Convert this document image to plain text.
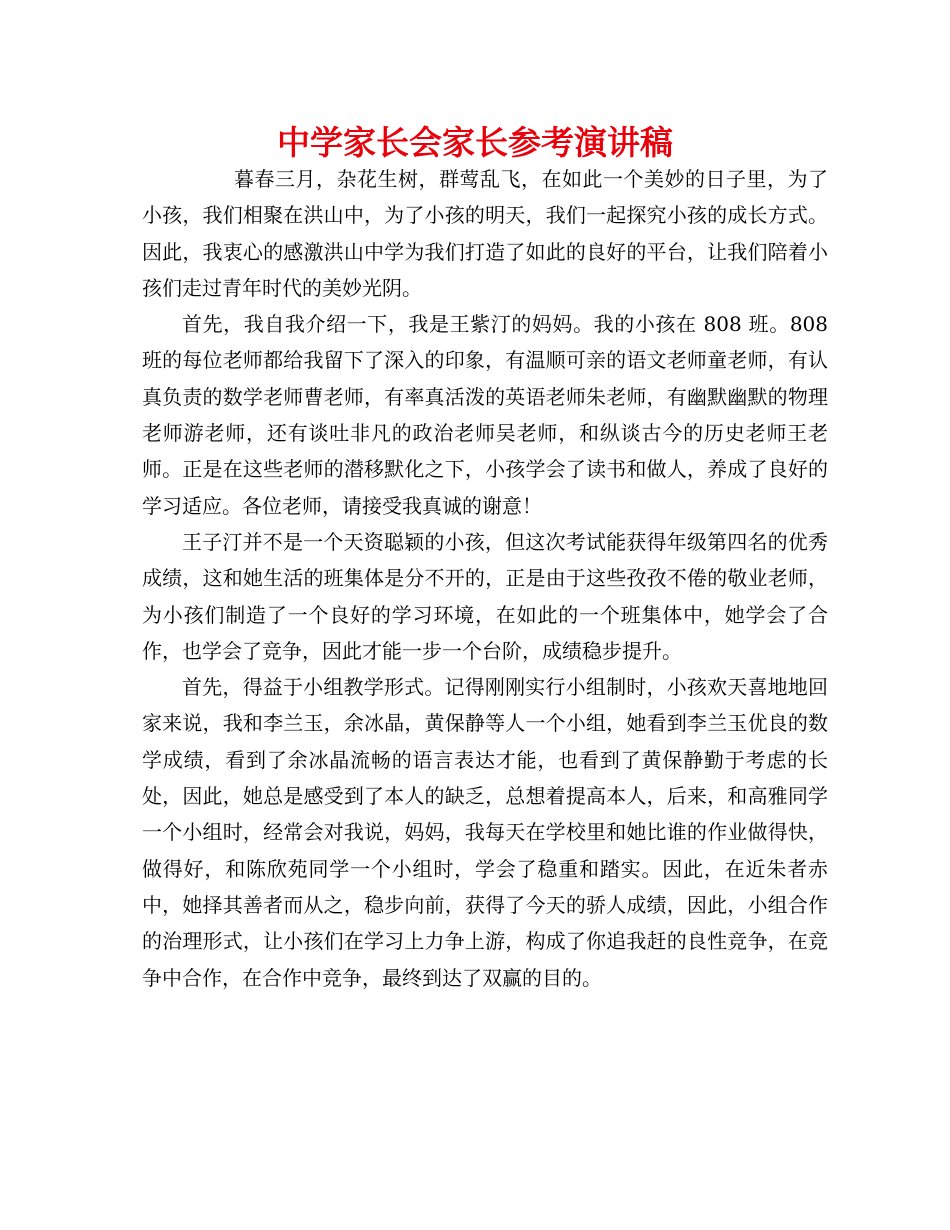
中学家长会家长参考演讲稿

暮春三月，杂花生树，群莺乱飞，在如此一个美妙的日子里，为了小孩，我们相聚在洪山中，为了小孩的明天，我们一起探究小孩的成长方式。因此，我衷心的感激洪山中学为我们打造了如此的良好的平台，让我们陪着小孩们走过青年时代的美妙光阴。

首先，我自我介绍一下，我是王紫汀的妈妈。我的小孩在 808 班。808 班的每位老师都给我留下了深入的印象，有温顺可亲的语文老师童老师，有认真负责的数学老师曹老师，有率真活泼的英语老师朱老师，有幽默幽默的物理老师游老师，还有谈吐非凡的政治老师吴老师，和纵谈古今的历史老师王老师。正是在这些老师的潜移默化之下，小孩学会了读书和做人，养成了良好的学习适应。各位老师，请接受我真诚的谢意！

王子汀并不是一个天资聪颖的小孩，但这次考试能获得年级第四名的优秀成绩，这和她生活的班集体是分不开的，正是由于这些孜孜不倦的敬业老师，为小孩们制造了一个良好的学习环境，在如此的一个班集体中，她学会了合作，也学会了竞争，因此才能一步一个台阶，成绩稳步提升。

首先，得益于小组教学形式。记得刚刚实行小组制时，小孩欢天喜地地回家来说，我和李兰玉，余冰晶，黄保静等人一个小组，她看到李兰玉优良的数学成绩，看到了余冰晶流畅的语言表达才能，也看到了黄保静勤于考虑的长处，因此，她总是感受到了本人的缺乏，总想着提高本人，后来，和高雅同学一个小组时，经常会对我说，妈妈，我每天在学校里和她比谁的作业做得快，做得好，和陈欣苑同学一个小组时，学会了稳重和踏实。因此，在近朱者赤中，她择其善者而从之，稳步向前，获得了今天的骄人成绩，因此，小组合作的治理形式，让小孩们在学习上力争上游，构成了你追我赶的良性竞争，在竞争中合作，在合作中竞争，最终到达了双赢的目的。
